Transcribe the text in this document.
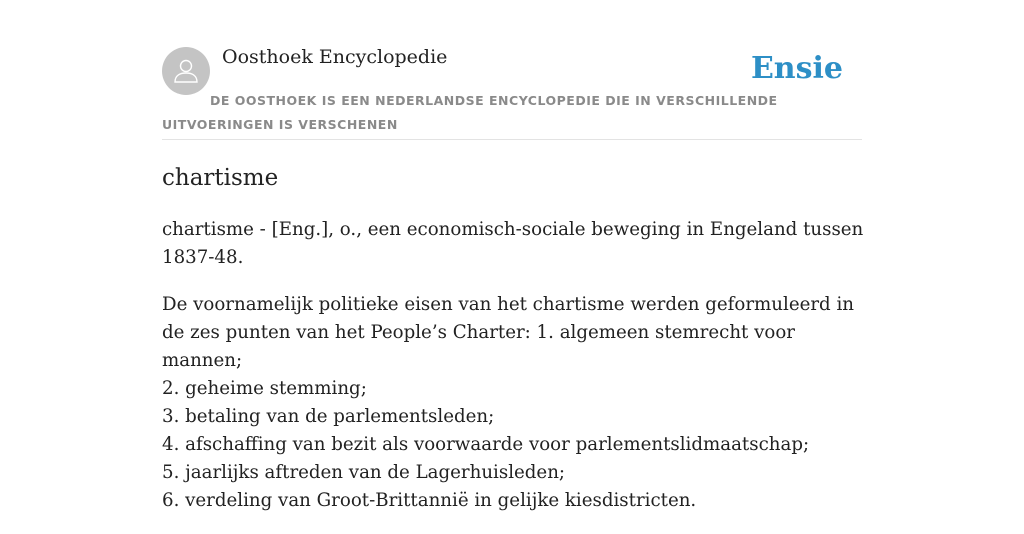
Oosthoek Encyclopedie	Ensie
DE OOSTHOEK IS EEN NEDERLANDSE ENCYCLOPEDIE DIE IN VERSCHILLENDE UITVOERINGEN IS VERSCHENEN
chartisme

chartisme - [Eng.], o., een economisch-sociale beweging in Engeland tussen 1837-48.

De voornamelijk politieke eisen van het chartisme werden geformuleerd in de zes punten van het People’s Charter: 1. algemeen stemrecht voor mannen;
2. geheime stemming;
3. betaling van de parlementsleden;
4. afschaffing van bezit als voorwaarde voor parlementslidmaatschap;
5. jaarlijks aftreden van de Lagerhuisleden;
6. verdeling van Groot-Brittannië in gelijke kiesdistricten.
